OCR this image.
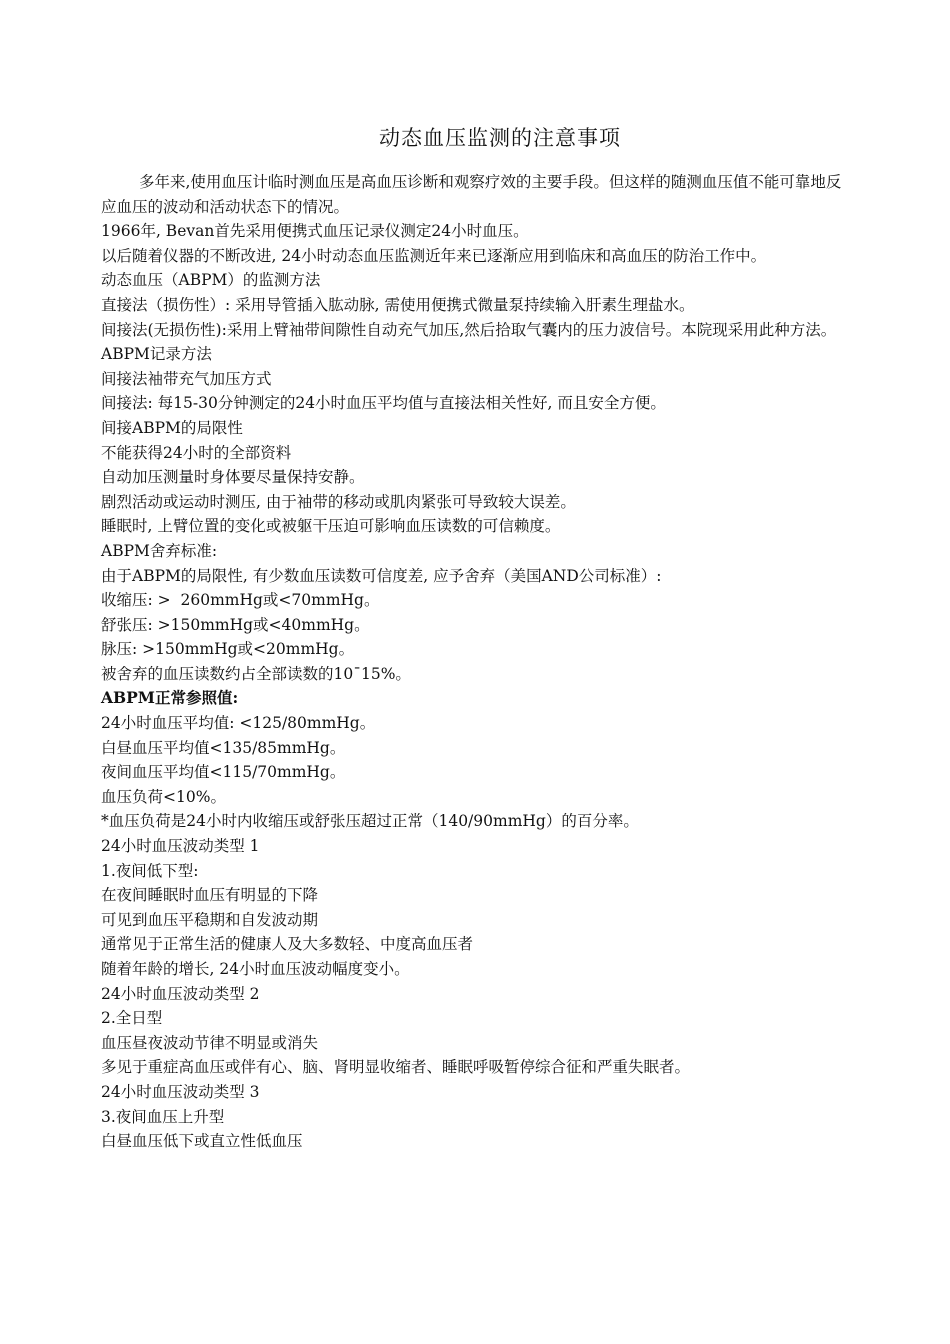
动态血压监测的注意事项

多年来,使用血压计临时测血压是高血压诊断和观察疗效的主要手段。但这样的随测血压值不能可靠地反应血压的波动和活动状态下的情况。

1966年, Bevan首先采用便携式血压记录仪测定24小时血压。

以后随着仪器的不断改进, 24小时动态血压监测近年来已逐渐应用到临床和高血压的防治工作中。

动态血压（ABPM）的监测方法

直接法（损伤性）: 采用导管插入肱动脉, 需使用便携式微量泵持续输入肝素生理盐水。

间接法(无损伤性):采用上臂袖带间隙性自动充气加压,然后拾取气囊内的压力波信号。本院现采用此种方法。

ABPM记录方法

间接法袖带充气加压方式

间接法: 每15-30分钟测定的24小时血压平均值与直接法相关性好, 而且安全方便。

间接ABPM的局限性

不能获得24小时的全部资料

自动加压测量时身体要尽量保持安静。

剧烈活动或运动时测压, 由于袖带的移动或肌肉紧张可导致较大误差。

睡眠时, 上臂位置的变化或被躯干压迫可影响血压读数的可信赖度。

ABPM舍弃标准:

由于ABPM的局限性, 有少数血压读数可信度差, 应予舍弃（美国AND公司标准）:

收缩压: >  260mmHg或<70mmHg。

舒张压: >150mmHg或<40mmHg。

脉压: >150mmHg或<20mmHg。

被舍弃的血压读数约占全部读数的10¯15%。

ABPM正常参照值:

24小时血压平均值: <125/80mmHg。

白昼血压平均值<135/85mmHg。

夜间血压平均值<115/70mmHg。

血压负荷<10%。

*血压负荷是24小时内收缩压或舒张压超过正常（140/90mmHg）的百分率。

24小时血压波动类型 1

1.夜间低下型:

在夜间睡眠时血压有明显的下降

可见到血压平稳期和自发波动期

通常见于正常生活的健康人及大多数轻、中度高血压者

随着年龄的增长, 24小时血压波动幅度变小。

24小时血压波动类型 2

2.全日型

血压昼夜波动节律不明显或消失

多见于重症高血压或伴有心、脑、肾明显收缩者、睡眠呼吸暂停综合征和严重失眠者。

24小时血压波动类型 3

3.夜间血压上升型

白昼血压低下或直立性低血压
